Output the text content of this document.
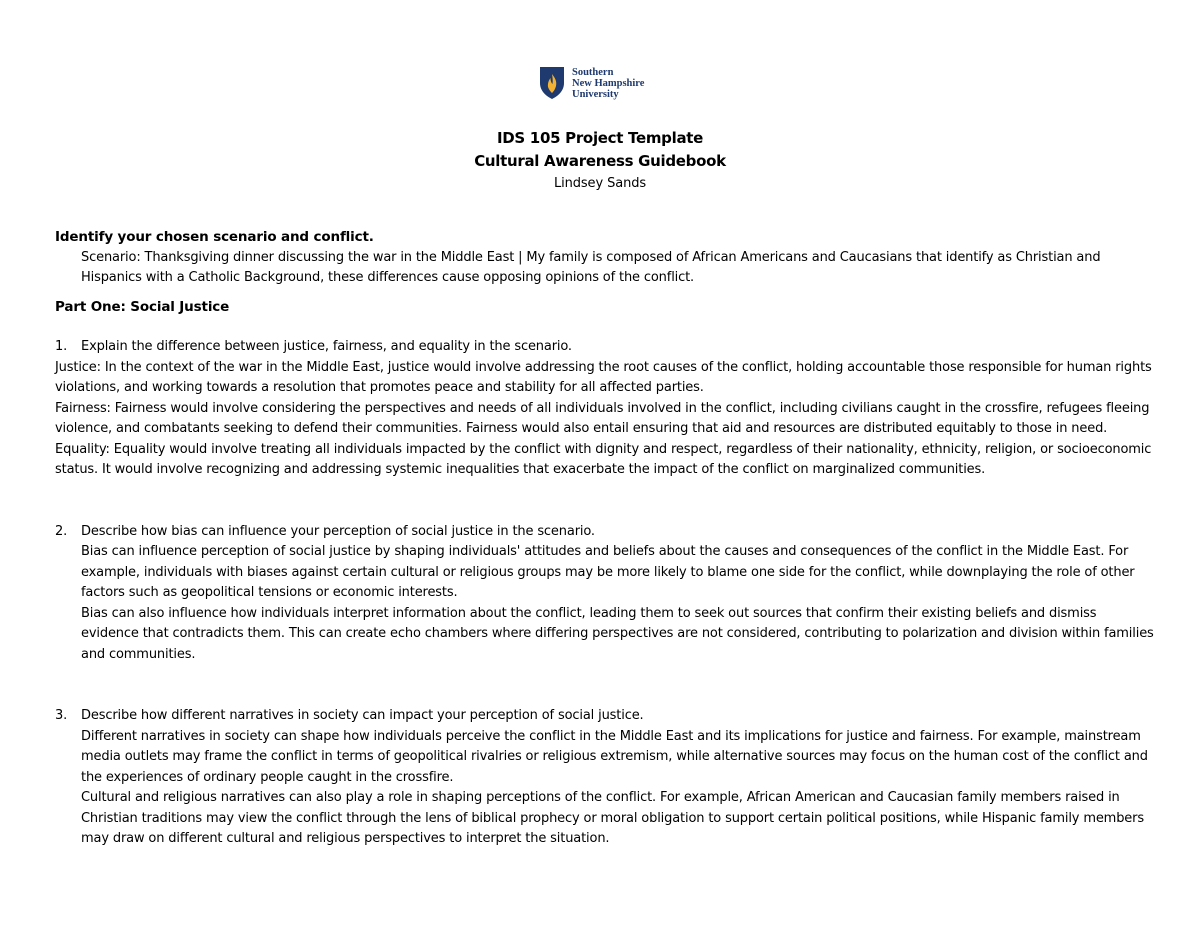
Southern
New Hampshire
University
IDS 105 Project Template
Cultural Awareness Guidebook
Lindsey Sands

Identify your chosen scenario and conflict.

Scenario: Thanksgiving dinner discussing the war in the Middle East | My family is composed of African Americans and Caucasians that identify as Christian and Hispanics with a Catholic Background, these differences cause opposing opinions of the conflict.

Part One: Social Justice

1.	Explain the difference between justice, fairness, and equality in the scenario.

Justice: In the context of the war in the Middle East, justice would involve addressing the root causes of the conflict, holding accountable those responsible for human rights violations, and working towards a resolution that promotes peace and stability for all affected parties.

Fairness: Fairness would involve considering the perspectives and needs of all individuals involved in the conflict, including civilians caught in the crossfire, refugees fleeing violence, and combatants seeking to defend their communities. Fairness would also entail ensuring that aid and resources are distributed equitably to those in need.

Equality: Equality would involve treating all individuals impacted by the conflict with dignity and respect, regardless of their nationality, ethnicity, religion, or socioeconomic status. It would involve recognizing and addressing systemic inequalities that exacerbate the impact of the conflict on marginalized communities.

2.	Describe how bias can influence your perception of social justice in the scenario.

Bias can influence perception of social justice by shaping individuals' attitudes and beliefs about the causes and consequences of the conflict in the Middle East. For example, individuals with biases against certain cultural or religious groups may be more likely to blame one side for the conflict, while downplaying the role of other factors such as geopolitical tensions or economic interests.

Bias can also influence how individuals interpret information about the conflict, leading them to seek out sources that confirm their existing beliefs and dismiss evidence that contradicts them. This can create echo chambers where differing perspectives are not considered, contributing to polarization and division within families and communities.

3.	Describe how different narratives in society can impact your perception of social justice.

Different narratives in society can shape how individuals perceive the conflict in the Middle East and its implications for justice and fairness. For example, mainstream media outlets may frame the conflict in terms of geopolitical rivalries or religious extremism, while alternative sources may focus on the human cost of the conflict and the experiences of ordinary people caught in the crossfire.

Cultural and religious narratives can also play a role in shaping perceptions of the conflict. For example, African American and Caucasian family members raised in Christian traditions may view the conflict through the lens of biblical prophecy or moral obligation to support certain political positions, while Hispanic family members may draw on different cultural and religious perspectives to interpret the situation.
